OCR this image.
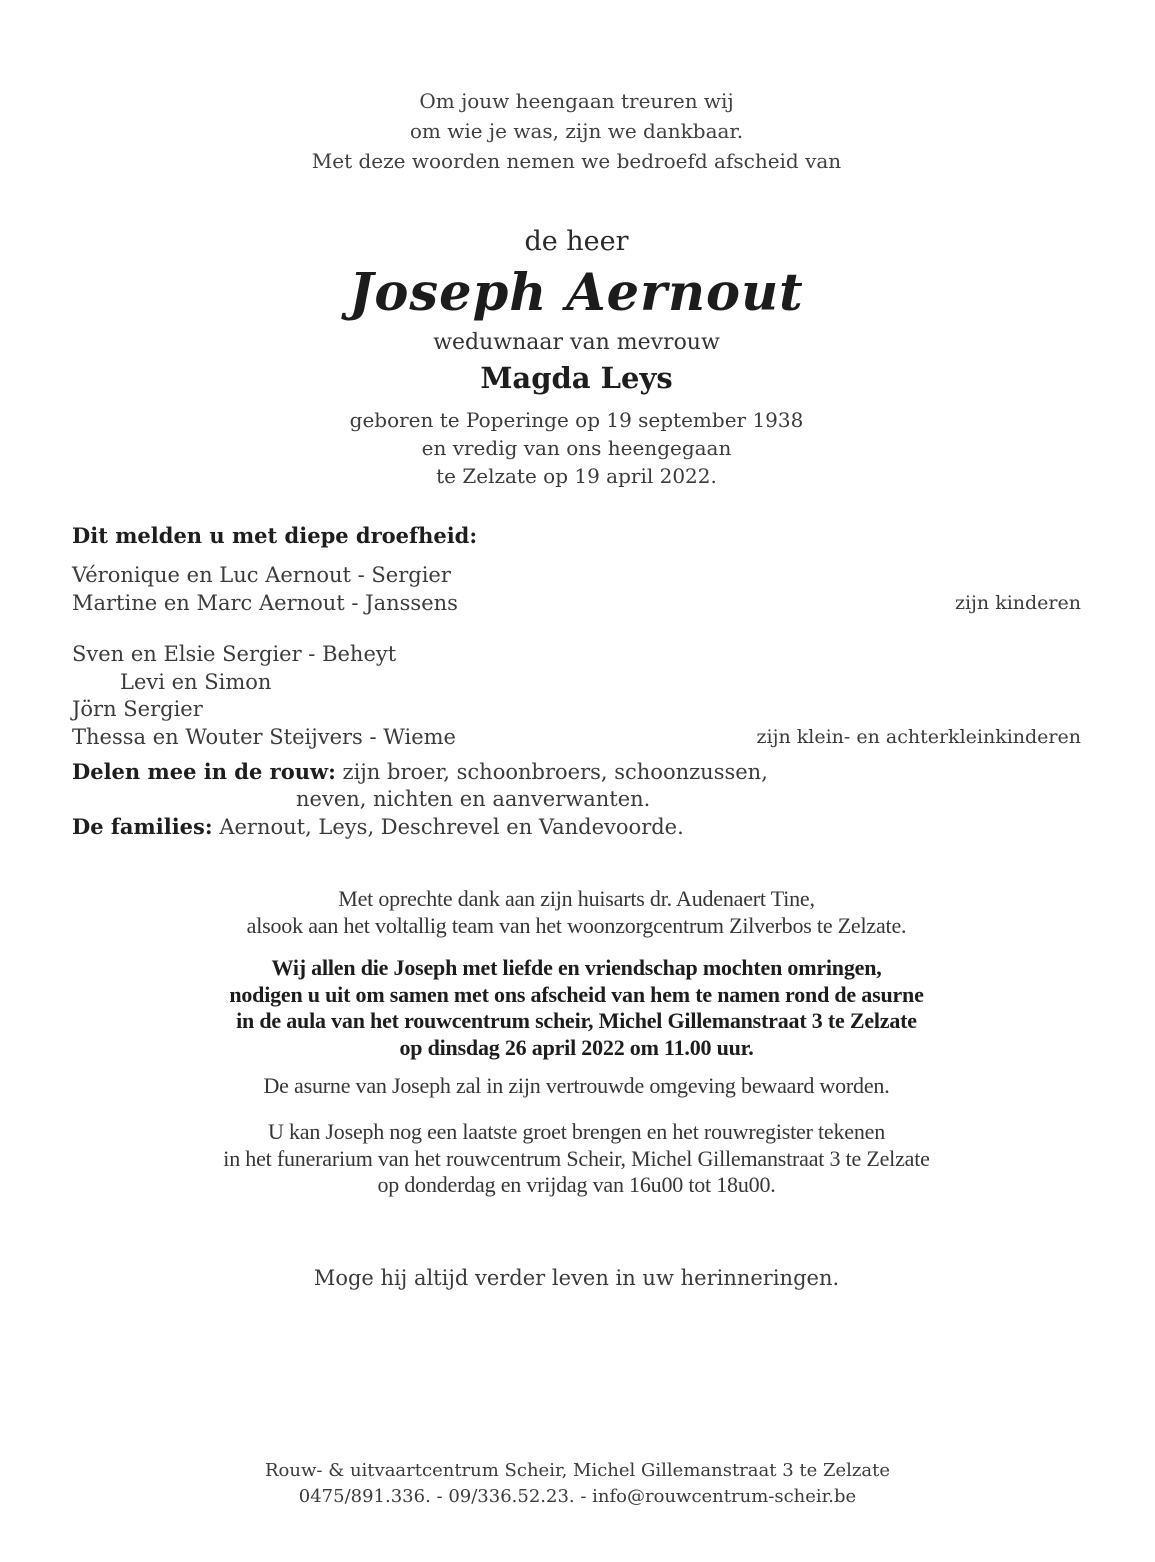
Om jouw heengaan treuren wij
om wie je was, zijn we dankbaar.
Met deze woorden nemen we bedroefd afscheid van
de heer
Joseph Aernout
weduwnaar van mevrouw
Magda Leys
geboren te Poperinge op 19 september 1938
en vredig van ons heengegaan
te Zelzate op 19 april 2022.
Dit melden u met diepe droefheid:
Véronique en Luc Aernout - Sergier
Martine en Marc Aernout - Janssens	zijn kinderen
Sven en Elsie Sergier - Beheyt
Levi en Simon
Jörn Sergier
Thessa en Wouter Steijvers - Wieme	zijn klein- en achterkleinkinderen
Delen mee in de rouw: zijn broer, schoonbroers, schoonzussen,
neven, nichten en aanverwanten.
De families: Aernout, Leys, Deschrevel en Vandevoorde.
Met oprechte dank aan zijn huisarts dr. Audenaert Tine,
alsook aan het voltallig team van het woonzorgcentrum Zilverbos te Zelzate.
Wij allen die Joseph met liefde en vriendschap mochten omringen,
nodigen u uit om samen met ons afscheid van hem te namen rond de asurne
in de aula van het rouwcentrum scheir, Michel Gillemanstraat 3 te Zelzate
op dinsdag 26 april 2022 om 11.00 uur.
De asurne van Joseph zal in zijn vertrouwde omgeving bewaard worden.
U kan Joseph nog een laatste groet brengen en het rouwregister tekenen
in het funerarium van het rouwcentrum Scheir, Michel Gillemanstraat 3 te Zelzate
op donderdag en vrijdag van 16u00 tot 18u00.
Moge hij altijd verder leven in uw herinneringen.
Rouw- & uitvaartcentrum Scheir, Michel Gillemanstraat 3 te Zelzate
0475/891.336. - 09/336.52.23. - info@rouwcentrum-scheir.be
